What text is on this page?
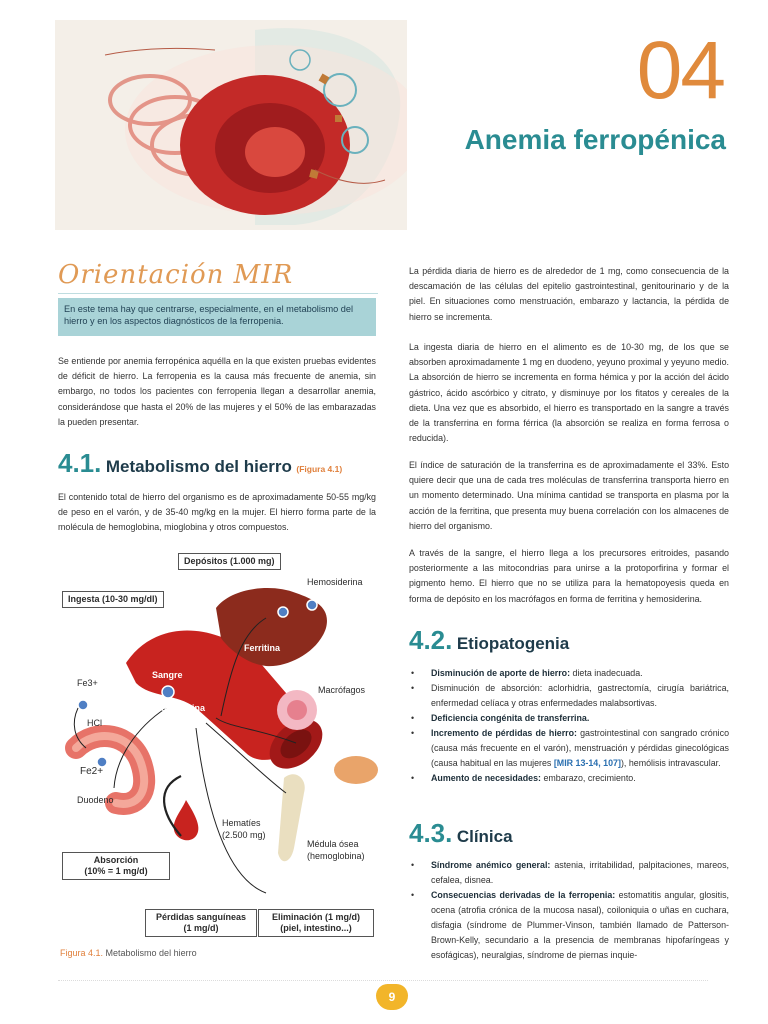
04
Anemia ferropénica
Orientación MIR
En este tema hay que centrarse, especialmente, en el metabolismo del hierro y en los aspectos diagnósticos de la ferropenia.
Se entiende por anemia ferropénica aquélla en la que existen pruebas evidentes de déficit de hierro. La ferropenia es la causa más frecuente de anemia, sin embargo, no todos los pacientes con ferropenia llegan a desarrollar anemia, considerándose que hasta el 20% de las mujeres y el 50% de las embarazadas la pueden presentar.
4.1. Metabolismo del hierro (Figura 4.1)
El contenido total de hierro del organismo es de aproximadamente 50-55 mg/kg de peso en el varón, y de 35-40 mg/kg en la mujer. El hierro forma parte de la molécula de hemoglobina, mioglobina y otros compuestos.
Depósitos (1.000 mg)
Ingesta (10-30 mg/dl)
Hemosiderina
Ferritina
Sangre
Transferrina
Macrófagos
Fe3+
HCl
Fe2+
Duodeno
Hematíes
(2.500 mg)
Médula ósea
(hemoglobina)
Absorción
(10% = 1 mg/d)
Pérdidas sanguíneas
(1 mg/d)
Eliminación (1 mg/d)
(piel, intestino...)
Figura 4.1. Metabolismo del hierro
La pérdida diaria de hierro es de alrededor de 1 mg, como consecuencia de la descamación de las células del epitelio gastrointestinal, genitourinario y de la piel. En situaciones como menstruación, embarazo y lactancia, la pérdida de hierro se incrementa.
La ingesta diaria de hierro en el alimento es de 10-30 mg, de los que se absorben aproximadamente 1 mg en duodeno, yeyuno proximal y yeyuno medio. La absorción de hierro se incrementa en forma hémica y por la acción del ácido gástrico, ácido ascórbico y citrato, y disminuye por los fitatos y cereales de la dieta. Una vez que es absorbido, el hierro es transportado en la sangre a través de la transferrina en forma férrica (la absorción se realiza en forma ferrosa o reducida).
El índice de saturación de la transferrina es de aproximadamente el 33%. Esto quiere decir que una de cada tres moléculas de transferrina transporta hierro en un momento determinado. Una mínima cantidad se transporta en plasma por la acción de la ferritina, que presenta muy buena correlación con los almacenes de hierro del organismo.
A través de la sangre, el hierro llega a los precursores eritroides, pasando posteriormente a las mitocondrias para unirse a la protoporfirina y formar el pigmento hemo. El hierro que no se utiliza para la hematopoyesis queda en forma de depósito en los macrófagos en forma de ferritina y hemosiderina.
4.2. Etiopatogenia
• Disminución de aporte de hierro: dieta inadecuada.
• Disminución de absorción: aclorhidria, gastrectomía, cirugía bariátrica, enfermedad celíaca y otras enfermedades malabsortivas.
• Deficiencia congénita de transferrina.
• Incremento de pérdidas de hierro: gastrointestinal con sangrado crónico (causa más frecuente en el varón), menstruación y pérdidas ginecológicas (causa habitual en las mujeres [MIR 13-14, 107]), hemólisis intravascular.
• Aumento de necesidades: embarazo, crecimiento.
4.3. Clínica
• Síndrome anémico general: astenia, irritabilidad, palpitaciones, mareos, cefalea, disnea.
• Consecuencias derivadas de la ferropenia: estomatitis angular, glositis, ocena (atrofia crónica de la mucosa nasal), coiloniquia o uñas en cuchara, disfagia (síndrome de Plummer-Vinson, también llamado de Patterson-Brown-Kelly, secundario a la presencia de membranas hipofaríngeas y esofágicas), neuralgias, síndrome de piernas inquie-
9
